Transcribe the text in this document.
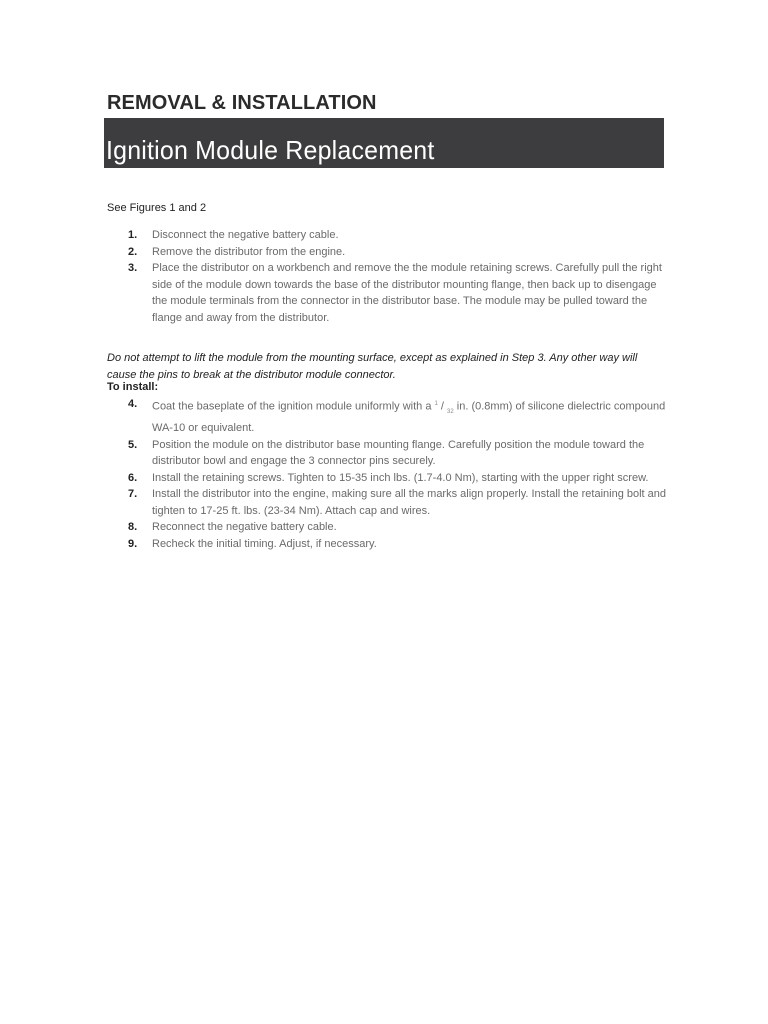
REMOVAL & INSTALLATION
Ignition Module Replacement
See Figures 1 and 2
1.	Disconnect the negative battery cable.
2.	Remove the distributor from the engine.
3.	Place the distributor on a workbench and remove the the module retaining screws. Carefully pull the right side of the module down towards the base of the distributor mounting flange, then back up to disengage the module terminals from the connector in the distributor base. The module may be pulled toward the flange and away from the distributor.
Do not attempt to lift the module from the mounting surface, except as explained in Step 3. Any other way will cause the pins to break at the distributor module connector.
To install:
4.	Coat the baseplate of the ignition module uniformly with a $^1$ / $_{32}$ in. (0.8mm) of silicone dielectric compound WA-10 or equivalent.
5.	Position the module on the distributor base mounting flange. Carefully position the module toward the distributor bowl and engage the 3 connector pins securely.
6.	Install the retaining screws. Tighten to 15-35 inch lbs. (1.7-4.0 Nm), starting with the upper right screw.
7.	Install the distributor into the engine, making sure all the marks align properly. Install the retaining bolt and tighten to 17-25 ft. lbs. (23-34 Nm). Attach cap and wires.
8.	Reconnect the negative battery cable.
9.	Recheck the initial timing. Adjust, if necessary.
